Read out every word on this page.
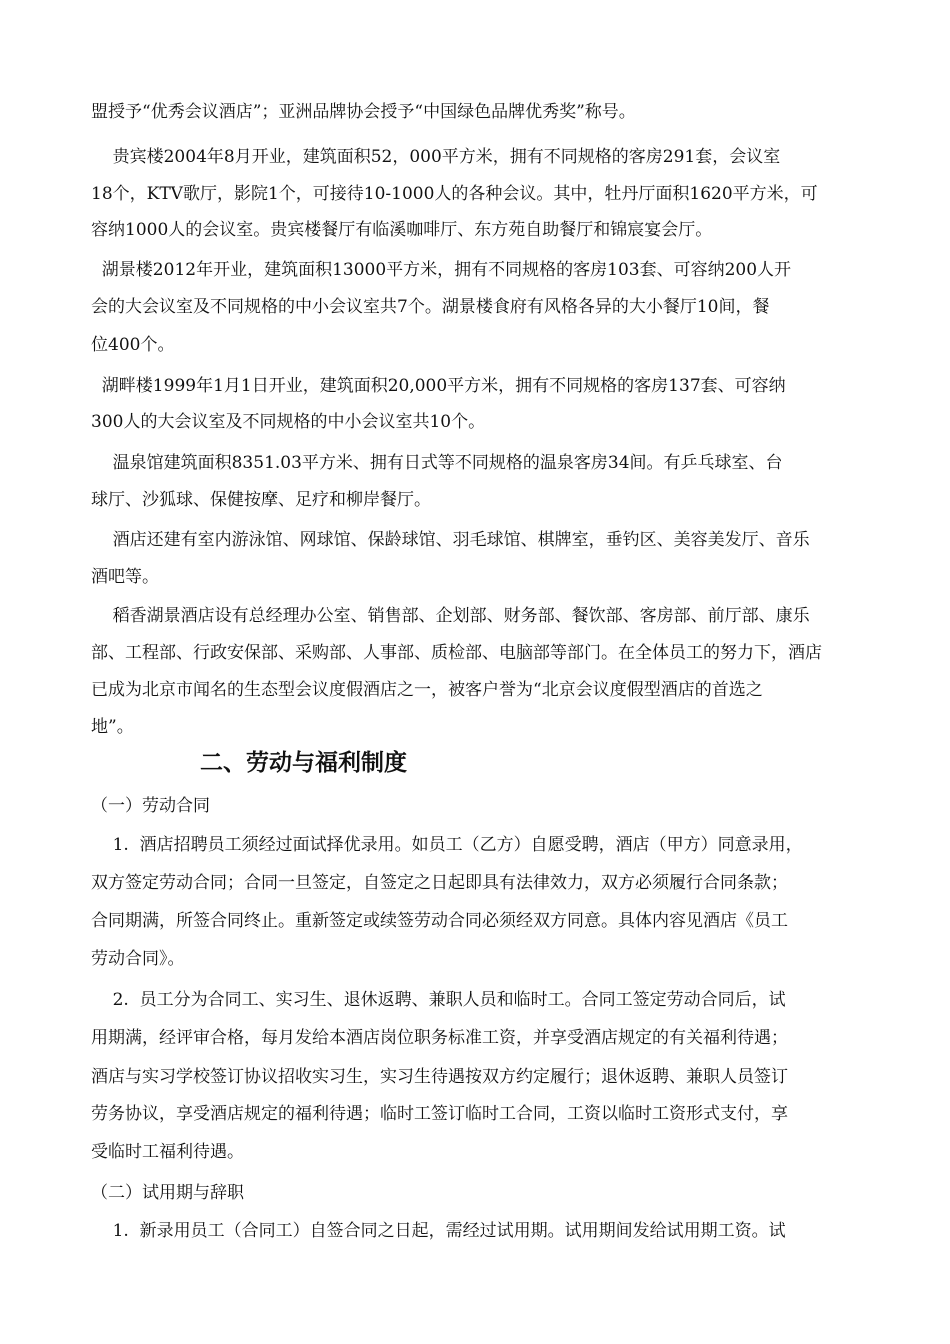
盟授予“优秀会议酒店”；亚洲品牌协会授予“中国绿色品牌优秀奖”称号。
贵宾楼2004年8月开业，建筑面积52，000平方米，拥有不同规格的客房291套，会议室
18个，KTV歌厅，影院1个，可接待10-1000人的各种会议。其中，牡丹厅面积1620平方米，可
容纳1000人的会议室。贵宾楼餐厅有临溪咖啡厅、东方苑自助餐厅和锦宸宴会厅。
湖景楼2012年开业，建筑面积13000平方米，拥有不同规格的客房103套、可容纳200人开
会的大会议室及不同规格的中小会议室共7个。湖景楼食府有风格各异的大小餐厅10间，餐
位400个。
湖畔楼1999年1月1日开业，建筑面积20,000平方米，拥有不同规格的客房137套、可容纳
300人的大会议室及不同规格的中小会议室共10个。
温泉馆建筑面积8351.03平方米、拥有日式等不同规格的温泉客房34间。有乒乓球室、台
球厅、沙狐球、保健按摩、足疗和柳岸餐厅。
酒店还建有室内游泳馆、网球馆、保龄球馆、羽毛球馆、棋牌室，垂钓区、美容美发厅、音乐
酒吧等。
稻香湖景酒店设有总经理办公室、销售部、企划部、财务部、餐饮部、客房部、前厅部、康乐
部、工程部、行政安保部、采购部、人事部、质检部、电脑部等部门。在全体员工的努力下，酒店
已成为北京市闻名的生态型会议度假酒店之一，被客户誉为“北京会议度假型酒店的首选之
地”。
二、劳动与福利制度
（一）劳动合同
1.  酒店招聘员工须经过面试择优录用。如员工（乙方）自愿受聘，酒店（甲方）同意录用，
双方签定劳动合同；合同一旦签定，自签定之日起即具有法律效力，双方必须履行合同条款；
合同期满，所签合同终止。重新签定或续签劳动合同必须经双方同意。具体内容见酒店《员工
劳动合同》。
2.  员工分为合同工、实习生、退休返聘、兼职人员和临时工。合同工签定劳动合同后，试
用期满，经评审合格，每月发给本酒店岗位职务标准工资，并享受酒店规定的有关福利待遇；
酒店与实习学校签订协议招收实习生，实习生待遇按双方约定履行；退休返聘、兼职人员签订
劳务协议，享受酒店规定的福利待遇；临时工签订临时工合同，工资以临时工资形式支付，享
受临时工福利待遇。
（二）试用期与辞职
1.  新录用员工（合同工）自签合同之日起，需经过试用期。试用期间发给试用期工资。试
